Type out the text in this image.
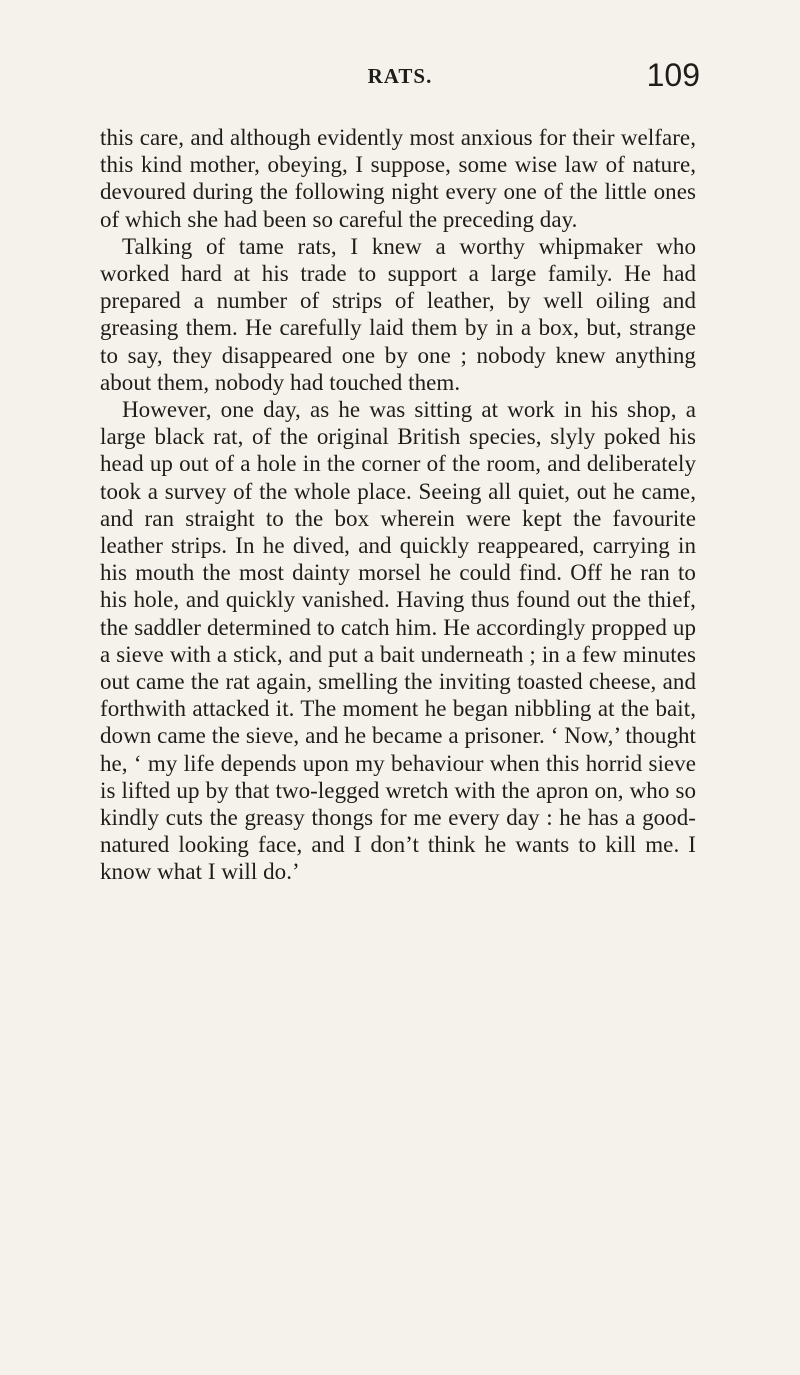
RATS.	109

this care, and although evidently most anxious for their welfare, this kind mother, obeying, I suppose, some wise law of nature, devoured during the following night every one of the little ones of which she had been so careful the preceding day.

Talking of tame rats, I knew a worthy whipmaker who worked hard at his trade to support a large family. He had prepared a number of strips of leather, by well oiling and greasing them. He carefully laid them by in a box, but, strange to say, they disappeared one by one ; nobody knew anything about them, nobody had touched them.

However, one day, as he was sitting at work in his shop, a large black rat, of the original British species, slyly poked his head up out of a hole in the corner of the room, and deliberately took a survey of the whole place. Seeing all quiet, out he came, and ran straight to the box wherein were kept the favourite leather strips. In he dived, and quickly reappeared, carrying in his mouth the most dainty morsel he could find. Off he ran to his hole, and quickly vanished. Having thus found out the thief, the saddler determined to catch him. He accordingly propped up a sieve with a stick, and put a bait underneath ; in a few minutes out came the rat again, smelling the inviting toasted cheese, and forthwith attacked it. The moment he began nibbling at the bait, down came the sieve, and he became a prisoner. ‘ Now,’ thought he, ‘ my life depends upon my behaviour when this horrid sieve is lifted up by that two-legged wretch with the apron on, who so kindly cuts the greasy thongs for me every day : he has a good-natured looking face, and I don’t think he wants to kill me. I know what I will do.’
